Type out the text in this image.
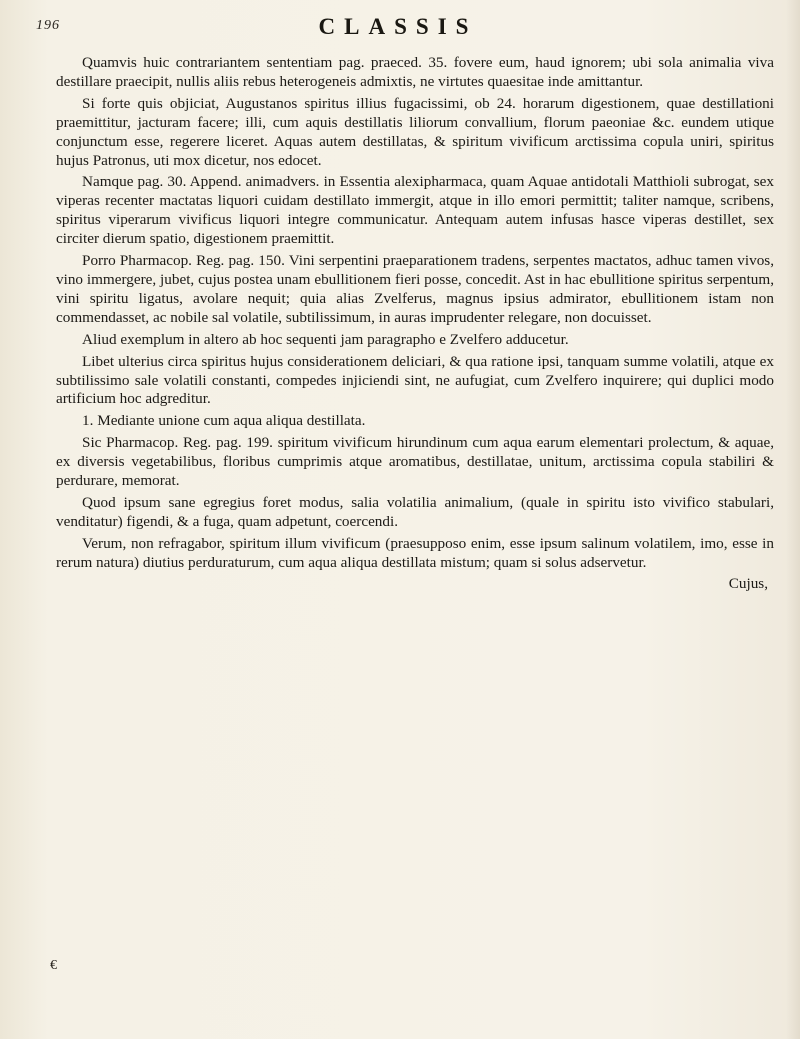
196	CLASSIS

Quamvis huic contrariantem sententiam pag. praeced. 35. fovere eum, haud ignorem; ubi sola animalia viva destillare praecipit, nullis aliis rebus heterogeneis admixtis, ne virtutes quaesitae inde amittantur.

Si forte quis objiciat, Augustanos spiritus illius fugacissimi, ob 24. horarum digestionem, quae destillationi praemittitur, jacturam facere; illi, cum aquis destillatis liliorum convallium, florum paeoniae &c. eundem utique conjunctum esse, regerere liceret. Aquas autem destillatas, & spiritum vivificum arctissima copula uniri, spiritus hujus Patronus, uti mox dicetur, nos edocet.

Namque pag. 30. Append. animadvers. in Essentia alexipharmaca, quam Aquae antidotali Matthioli subrogat, sex viperas recenter mactatas liquori cuidam destillato immergit, atque in illo emori permittit; taliter namque, scribens, spiritus viperarum vivificus liquori integre communicatur. Antequam autem infusas hasce viperas destillet, sex circiter dierum spatio, digestionem praemittit.

Porro Pharmacop. Reg. pag. 150. Vini serpentini praeparationem tradens, serpentes mactatos, adhuc tamen vivos, vino immergere, jubet, cujus postea unam ebullitionem fieri posse, concedit. Ast in hac ebullitione spiritus serpentum, vini spiritu ligatus, avolare nequit; quia alias Zvelferus, magnus ipsius admirator, ebullitionem istam non commendasset, ac nobile sal volatile, subtilissimum, in auras imprudenter relegare, non docuisset.

Aliud exemplum in altero ab hoc sequenti jam paragrapho e Zvelfero adducetur.

Libet ulterius circa spiritus hujus considerationem deliciari, & qua ratione ipsi, tanquam summe volatili, atque ex subtilissimo sale volatili constanti, compedes injiciendi sint, ne aufugiat, cum Zvelfero inquirere; qui duplici modo artificium hoc adgreditur.

1. Mediante unione cum aqua aliqua destillata.

Sic Pharmacop. Reg. pag. 199. spiritum vivificum hirundinum cum aqua earum elementari prolectum, & aquae, ex diversis vegetabilibus, floribus cumprimis atque aromatibus, destillatae, unitum, arctissima copula stabiliri & perdurare, memorat.

Quod ipsum sane egregius foret modus, salia volatilia animalium, (quale in spiritu isto vivifico stabulari, venditatur) figendi, & a fuga, quam adpetunt, coercendi.

Verum, non refragabor, spiritum illum vivificum (praesupposo enim, esse ipsum salinum volatilem, imo, esse in rerum natura) diutius perduraturum, cum aqua aliqua destillata mistum; quam si solus adservetur.

Cujus,
€
